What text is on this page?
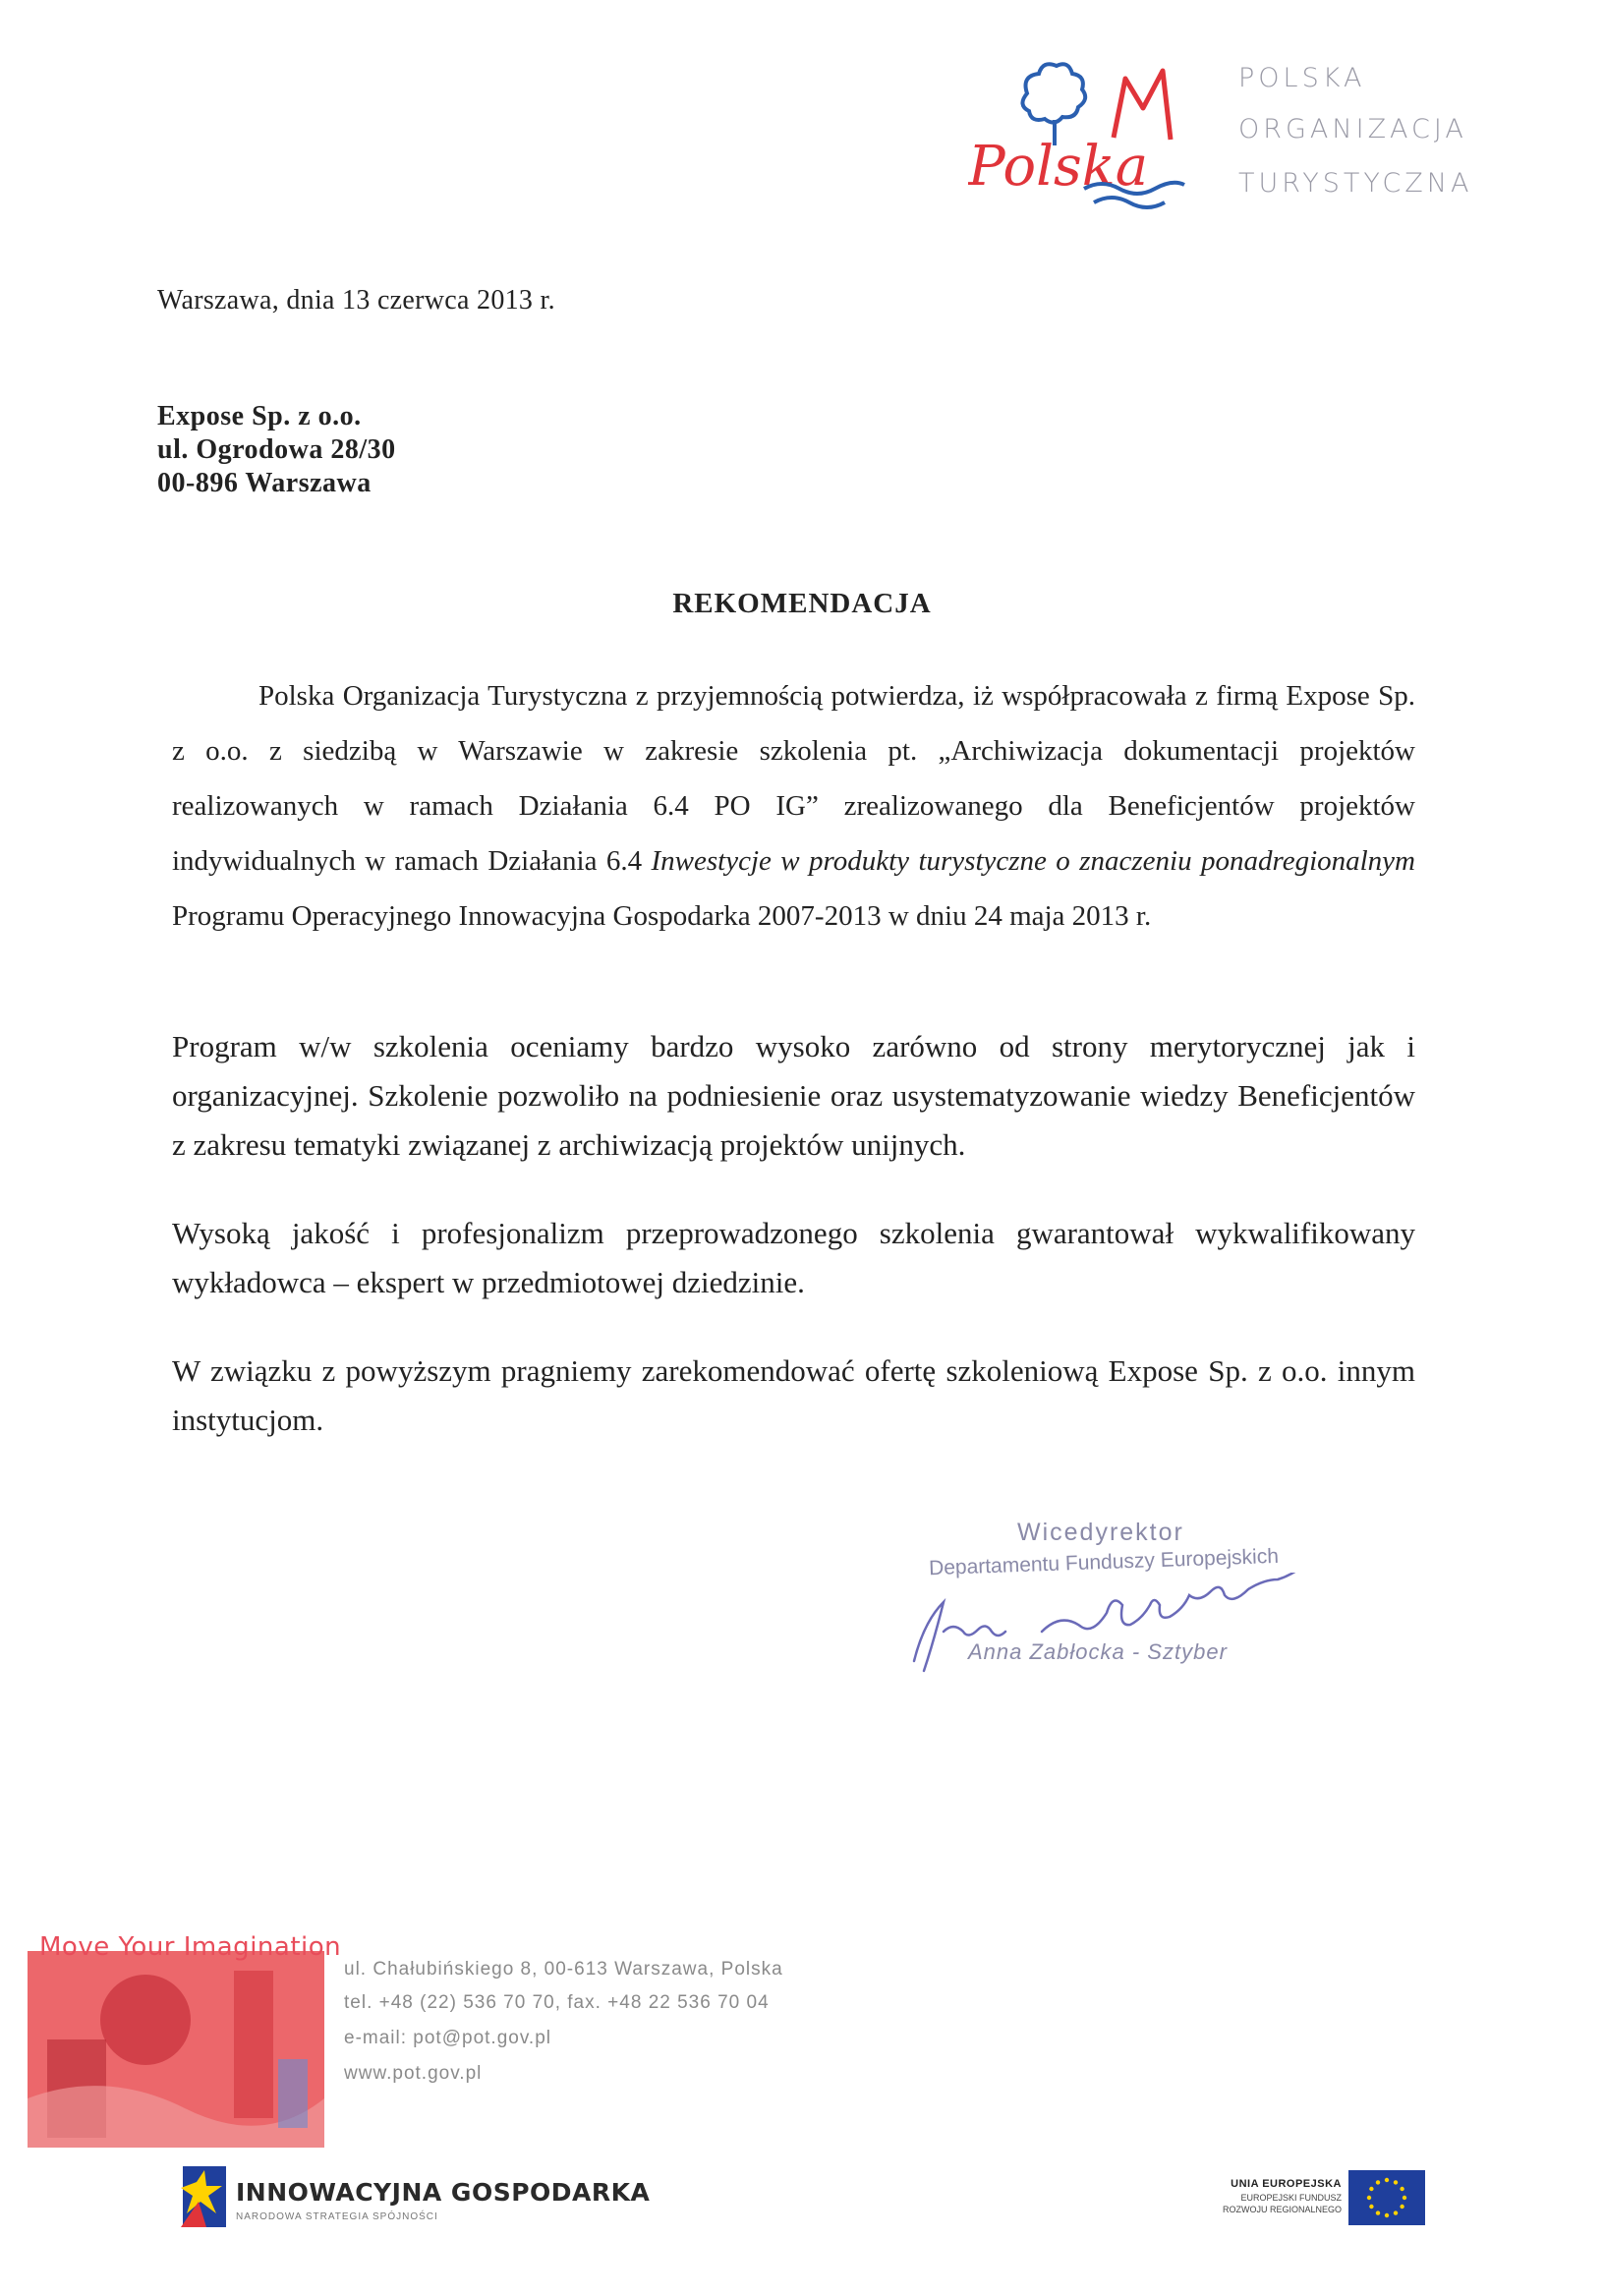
Polska
POLSKA
ORGANIZACJA
TURYSTYCZNA
Warszawa, dnia 13 czerwca 2013 r.
Expose Sp. z o.o.
ul. Ogrodowa 28/30
00-896 Warszawa
REKOMENDACJA
Polska Organizacja Turystyczna z przyjemnością potwierdza, iż współpracowała z firmą Expose Sp. z o.o. z siedzibą w Warszawie w zakresie szkolenia pt. „Archiwizacja dokumentacji projektów realizowanych w ramach Działania 6.4 PO IG” zrealizowanego dla Beneficjentów projektów indywidualnych w ramach Działania 6.4 Inwestycje w produkty turystyczne o znaczeniu ponadregionalnym Programu Operacyjnego Innowacyjna Gospodarka 2007-2013 w dniu 24 maja 2013 r.
Program w/w szkolenia oceniamy bardzo wysoko zarówno od strony merytorycznej jak i organizacyjnej. Szkolenie pozwoliło na podniesienie oraz usystematyzowanie wiedzy Beneficjentów z zakresu tematyki związanej z archiwizacją projektów unijnych.
Wysoką jakość i profesjonalizm przeprowadzonego szkolenia gwarantował wykwalifikowany wykładowca – ekspert w przedmiotowej dziedzinie.
W związku z powyższym pragniemy zarekomendować ofertę szkoleniową Expose Sp. z o.o. innym instytucjom.
Wicedyrektor
Departamentu Funduszy Europejskich
Anna Zabłocka - Sztyber
Move Your Imagination
ul. Chałubińskiego 8, 00-613 Warszawa, Polska
tel. +48 (22) 536 70 70, fax. +48 22 536 70 04
e-mail: pot@pot.gov.pl
www.pot.gov.pl
INNOWACYJNA GOSPODARKA
NARODOWA STRATEGIA SPÓJNOŚCI
UNIA EUROPEJSKA
EUROPEJSKI FUNDUSZ
ROZWOJU REGIONALNEGO
